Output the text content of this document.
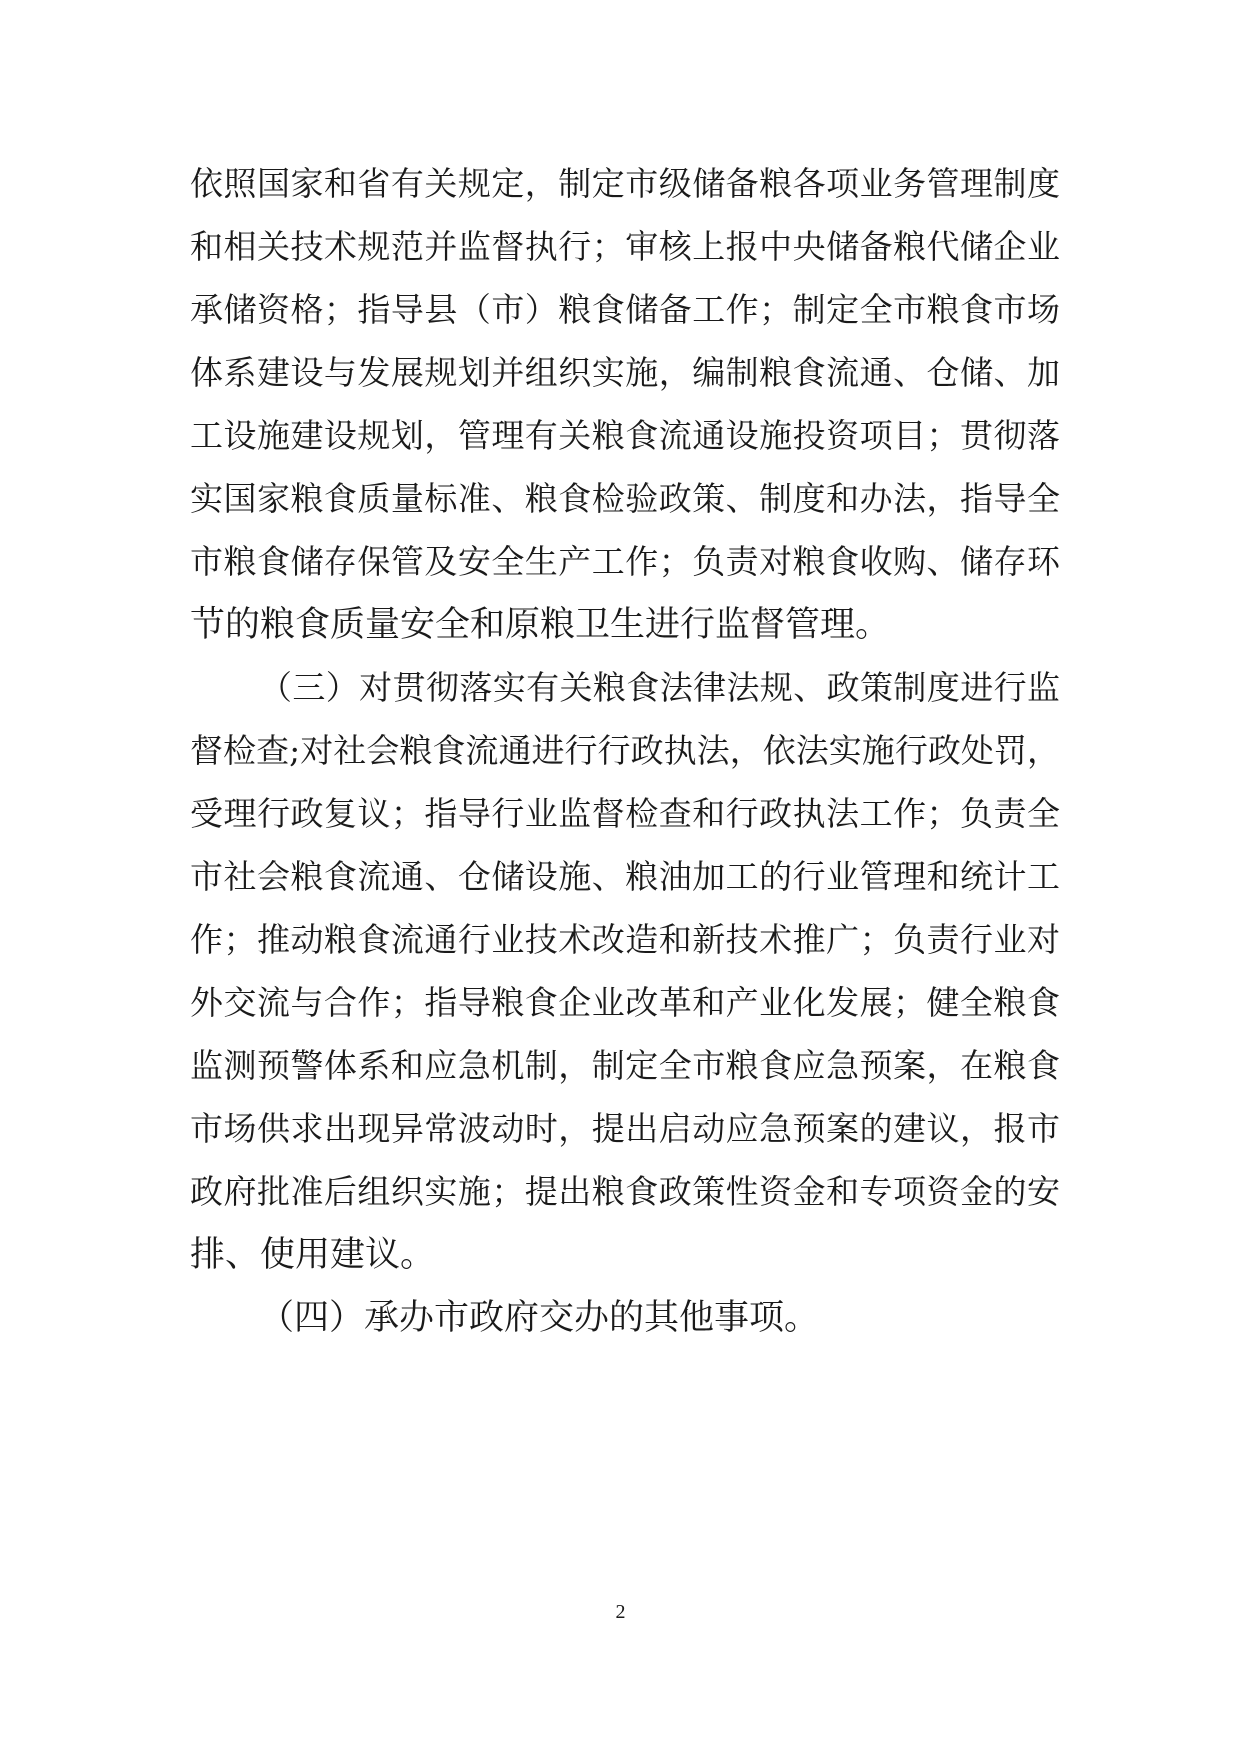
依照国家和省有关规定，制定市级储备粮各项业务管理制度
和相关技术规范并监督执行；审核上报中央储备粮代储企业
承储资格；指导县（市）粮食储备工作；制定全市粮食市场
体系建设与发展规划并组织实施，编制粮食流通、仓储、加
工设施建设规划，管理有关粮食流通设施投资项目；贯彻落
实国家粮食质量标准、粮食检验政策、制度和办法，指导全
市粮食储存保管及安全生产工作；负责对粮食收购、储存环
节的粮食质量安全和原粮卫生进行监督管理。
（三）对贯彻落实有关粮食法律法规、政策制度进行监
督检查;对社会粮食流通进行行政执法，依法实施行政处罚，
受理行政复议；指导行业监督检查和行政执法工作；负责全
市社会粮食流通、仓储设施、粮油加工的行业管理和统计工
作；推动粮食流通行业技术改造和新技术推广；负责行业对
外交流与合作；指导粮食企业改革和产业化发展；健全粮食
监测预警体系和应急机制，制定全市粮食应急预案，在粮食
市场供求出现异常波动时，提出启动应急预案的建议，报市
政府批准后组织实施；提出粮食政策性资金和专项资金的安
排、使用建议。
（四）承办市政府交办的其他事项。
2
